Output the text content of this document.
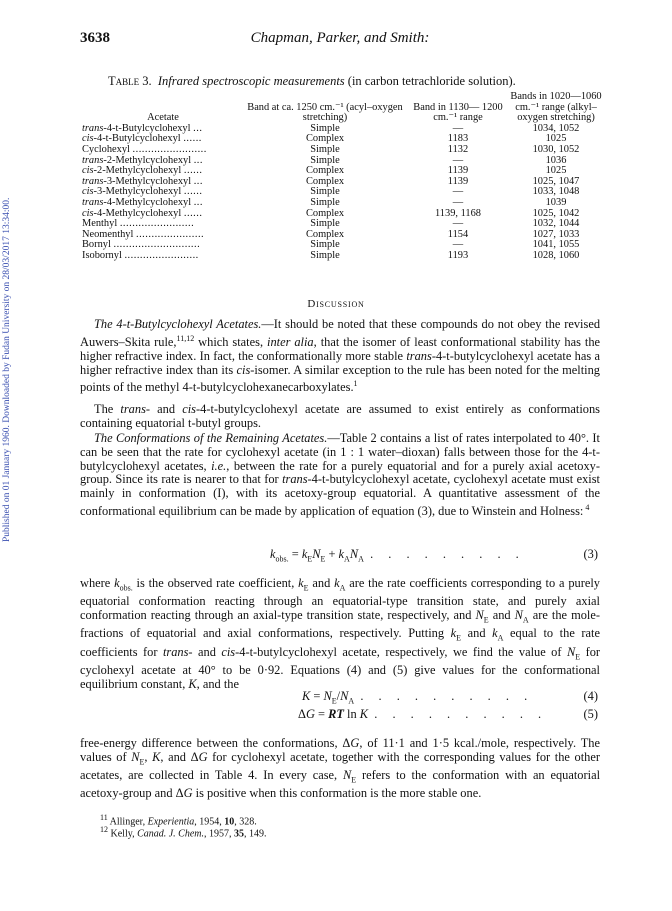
Published on 01 January 1960. Downloaded by Fudan University on 28/03/2017 13:34:00.
3638	Chapman, Parker, and Smith:
Table 3. Infrared spectroscopic measurements (in carbon tetrachloride solution).
Acetate	Band at ca. 1250 cm.⁻¹ (acyl–oxygen stretching)	Band in 1130— 1200 cm.⁻¹ range	Bands in 1020—1060 cm.⁻¹ range (alkyl–oxygen stretching)
trans-4-t-Butylcyclohexyl ...	Simple	—	1034, 1052
cis-4-t-Butylcyclohexyl ......	Complex	1183	1025
Cyclohexyl ........................	Simple	1132	1030, 1052
trans-2-Methylcyclohexyl ...	Simple	—	1036
cis-2-Methylcyclohexyl ......	Complex	1139	1025
trans-3-Methylcyclohexyl ...	Complex	1139	1025, 1047
cis-3-Methylcyclohexyl ......	Simple	—	1033, 1048
trans-4-Methylcyclohexyl ...	Simple	—	1039
cis-4-Methylcyclohexyl ......	Complex	1139, 1168	1025, 1042
Menthyl ........................	Simple	—	1032, 1044
Neomenthyl ......................	Complex	1154	1027, 1033
Bornyl ............................	Simple	—	1041, 1055
Isobornyl ........................	Simple	1193	1028, 1060
Discussion

The 4-t-Butylcyclohexyl Acetates.—It should be noted that these compounds do not obey the revised Auwers–Skita rule,$^{11,12}$ which states, inter alia, that the isomer of least conformational stability has the higher refractive index. In fact, the conformationally more stable trans-4-t-butylcyclohexyl acetate has a higher refractive index than its cis-isomer. A similar exception to the rule has been noted for the melting points of the methyl 4-t-butylcyclohexanecarboxylates.$^1$

The trans- and cis-4-t-butylcyclohexyl acetate are assumed to exist entirely as conformations containing equatorial t-butyl groups.

The Conformations of the Remaining Acetates.—Table 2 contains a list of rates interpolated to 40°. It can be seen that the rate for cyclohexyl acetate (in 1 : 1 water–dioxan) falls between those for the 4-t-butylcyclohexyl acetates, i.e., between the rate for a purely equatorial and for a purely axial acetoxy-group. Since its rate is nearer to that for trans-4-t-butylcyclohexyl acetate, cyclohexyl acetate must exist mainly in conformation (I), with its acetoxy-group equatorial. A quantitative assessment of the conformational equilibrium can be made by application of equation (3), due to Winstein and Holness: $^4$

$k_{obs.} = k_EN_E + k_AN_A$ . . . . . . . . .	(3)

where $k_{obs.}$ is the observed rate coefficient, $k_E$ and $k_A$ are the rate coefficients corresponding to a purely equatorial conformation reacting through an equatorial-type transition state, and purely axial conformation reacting through an axial-type transition state, respectively, and $N_E$ and $N_A$ are the mole-fractions of equatorial and axial conformations, respectively. Putting $k_E$ and $k_A$ equal to the rate coefficients for trans- and cis-4-t-butylcyclohexyl acetate, respectively, we find the value of $N_E$ for cyclohexyl acetate at 40° to be 0·92. Equations (4) and (5) give values for the conformational equilibrium constant, K, and the

$K = N_E/N_A$ . . . . . . . . . .	(4)
ΔG = RT ln K . . . . . . . . . .	(5)

free-energy difference between the conformations, ΔG, of 11·1 and 1·5 kcal./mole, respectively. The values of $N_E$, K, and ΔG for cyclohexyl acetate, together with the corresponding values for the other acetates, are collected in Table 4. In every case, $N_E$ refers to the conformation with an equatorial acetoxy-group and ΔG is positive when this conformation is the more stable one.

$^{11}$ Allinger, Experientia, 1954, 10, 328.
$^{12}$ Kelly, Canad. J. Chem., 1957, 35, 149.
